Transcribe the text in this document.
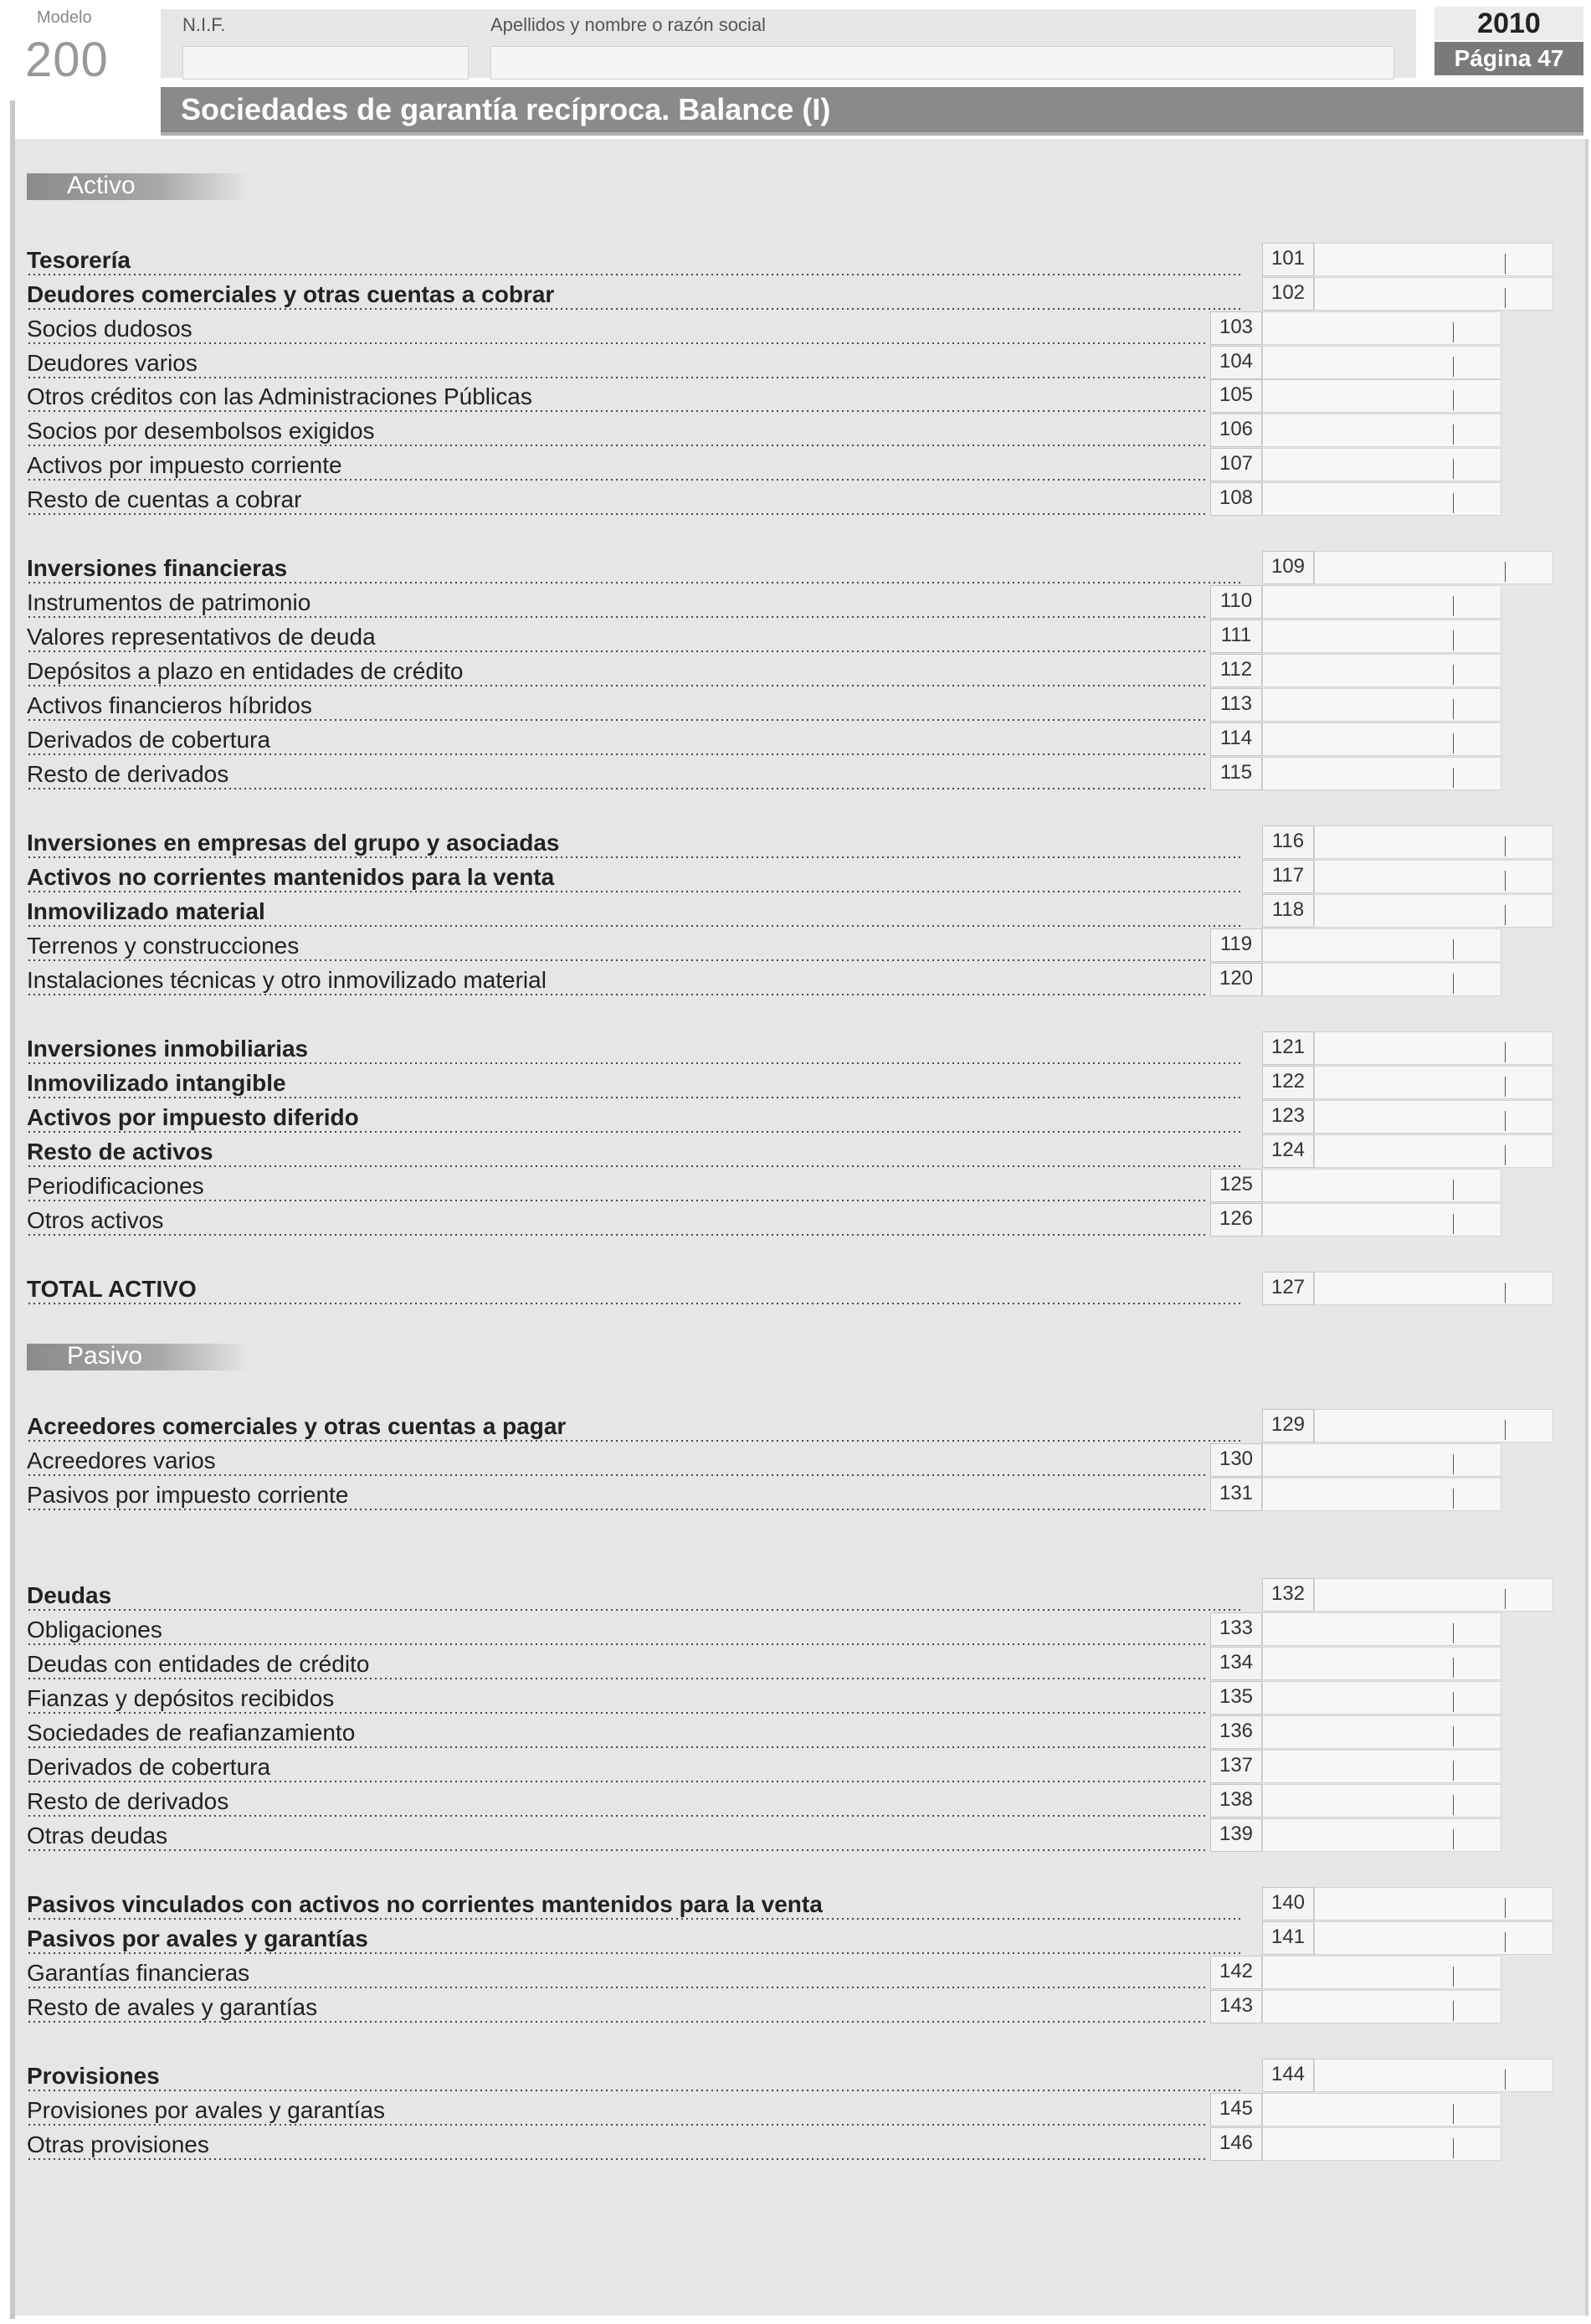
Modelo
200
N.I.F.	Apellidos y nombre o razón social	2010
Página 47
Sociedades de garantía recíproca. Balance (I)
Activo
Pasivo
Tesorería	101
Deudores comerciales y otras cuentas a cobrar	102
Socios dudosos	103
Deudores varios	104
Otros créditos con las Administraciones Públicas	105
Socios por desembolsos exigidos	106
Activos por impuesto corriente	107
Resto de cuentas a cobrar	108
Inversiones financieras	109
Instrumentos de patrimonio	110
Valores representativos de deuda	111
Depósitos a plazo en entidades de crédito	112
Activos financieros híbridos	113
Derivados de cobertura	114
Resto de derivados	115
Inversiones en empresas del grupo y asociadas	116
Activos no corrientes mantenidos para la venta	117
Inmovilizado material	118
Terrenos y construcciones	119
Instalaciones técnicas y otro inmovilizado material	120
Inversiones inmobiliarias	121
Inmovilizado intangible	122
Activos por impuesto diferido	123
Resto de activos	124
Periodificaciones	125
Otros activos	126
TOTAL ACTIVO	127
Acreedores comerciales y otras cuentas a pagar	129
Acreedores varios	130
Pasivos por impuesto corriente	131
Deudas	132
Obligaciones	133
Deudas con entidades de crédito	134
Fianzas y depósitos recibidos	135
Sociedades de reafianzamiento	136
Derivados de cobertura	137
Resto de derivados	138
Otras deudas	139
Pasivos vinculados con activos no corrientes mantenidos para la venta	140
Pasivos por avales y garantías	141
Garantías financieras	142
Resto de avales y garantías	143
Provisiones	144
Provisiones por avales y garantías	145
Otras provisiones	146
